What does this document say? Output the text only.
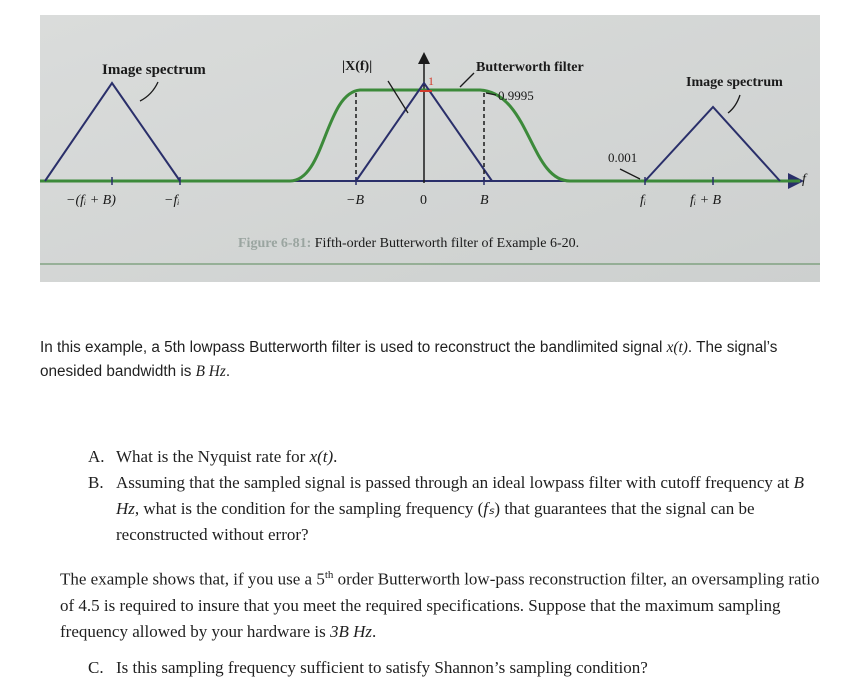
Image spectrum	|X(f)|	Butterworth filter
1
0.9995
0.001
Image spectrum
f
−(fᵢ + B)	−fᵢ	−B	0	B	fᵢ	fᵢ + B
Figure 6-81: Fifth-order Butterworth filter of Example 6-20.
In this example, a 5th lowpass Butterworth filter is used to reconstruct the bandlimited signal x(t). The signal’s onesided bandwidth is B Hz.
A. What is the Nyquist rate for x(t).
B. Assuming that the sampled signal is passed through an ideal lowpass filter with cutoff frequency at B Hz, what is the condition for the sampling frequency (fₛ) that guarantees that the signal can be reconstructed without error?
The example shows that, if you use a 5th order Butterworth low-pass reconstruction filter, an oversampling ratio of 4.5 is required to insure that you meet the required specifications. Suppose that the maximum sampling frequency allowed by your hardware is 3B Hz.
C. Is this sampling frequency sufficient to satisfy Shannon’s sampling condition?
